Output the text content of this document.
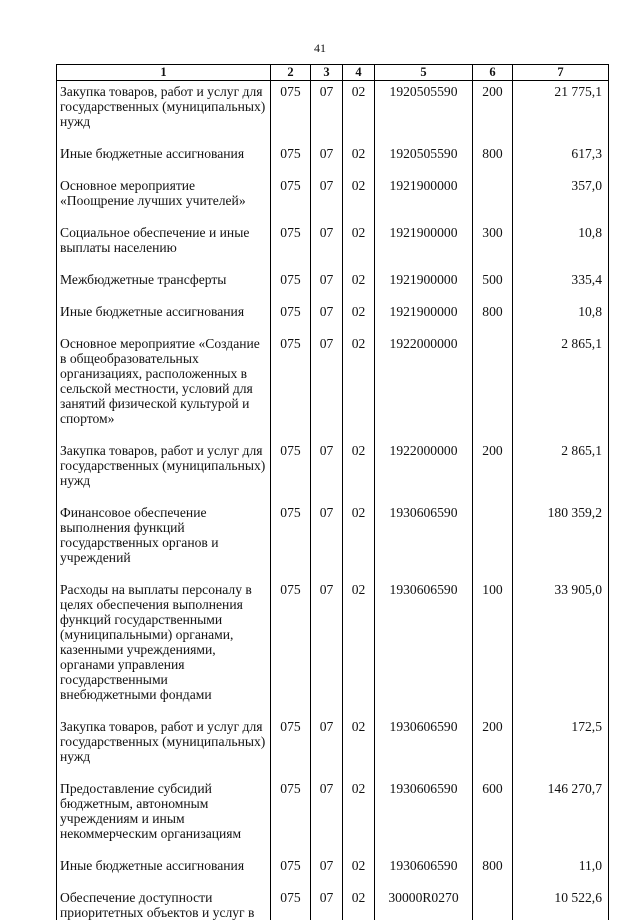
41
1	2	3	4	5	6	7
Закупка товаров, работ и услуг для государственных (муниципальных) нужд	075	07	02	1920505590	200	21 775,1
Иные бюджетные ассигнования	075	07	02	1920505590	800	617,3
Основное мероприятие «Поощрение лучших учителей»	075	07	02	1921900000		357,0
Социальное обеспечение и иные выплаты населению	075	07	02	1921900000	300	10,8
Межбюджетные трансферты	075	07	02	1921900000	500	335,4
Иные бюджетные ассигнования	075	07	02	1921900000	800	10,8
Основное мероприятие «Создание в общеобразовательных организациях, расположенных в сельской местности, условий для занятий физической культурой и спортом»	075	07	02	1922000000		2 865,1
Закупка товаров, работ и услуг для государственных (муниципальных) нужд	075	07	02	1922000000	200	2 865,1
Финансовое обеспечение выполнения функций государственных органов и учреждений	075	07	02	1930606590		180 359,2
Расходы на выплаты персоналу в целях обеспечения выполнения функций государственными (муниципальными) органами, казенными учреждениями, органами управления государственными внебюджетными фондами	075	07	02	1930606590	100	33 905,0
Закупка товаров, работ и услуг для государственных (муниципальных) нужд	075	07	02	1930606590	200	172,5
Предоставление субсидий бюджетным, автономным учреждениям и иным некоммерческим организациям	075	07	02	1930606590	600	146 270,7
Иные бюджетные ассигнования	075	07	02	1930606590	800	11,0
Обеспечение доступности приоритетных объектов и услуг в	075	07	02	30000R0270		10 522,6
